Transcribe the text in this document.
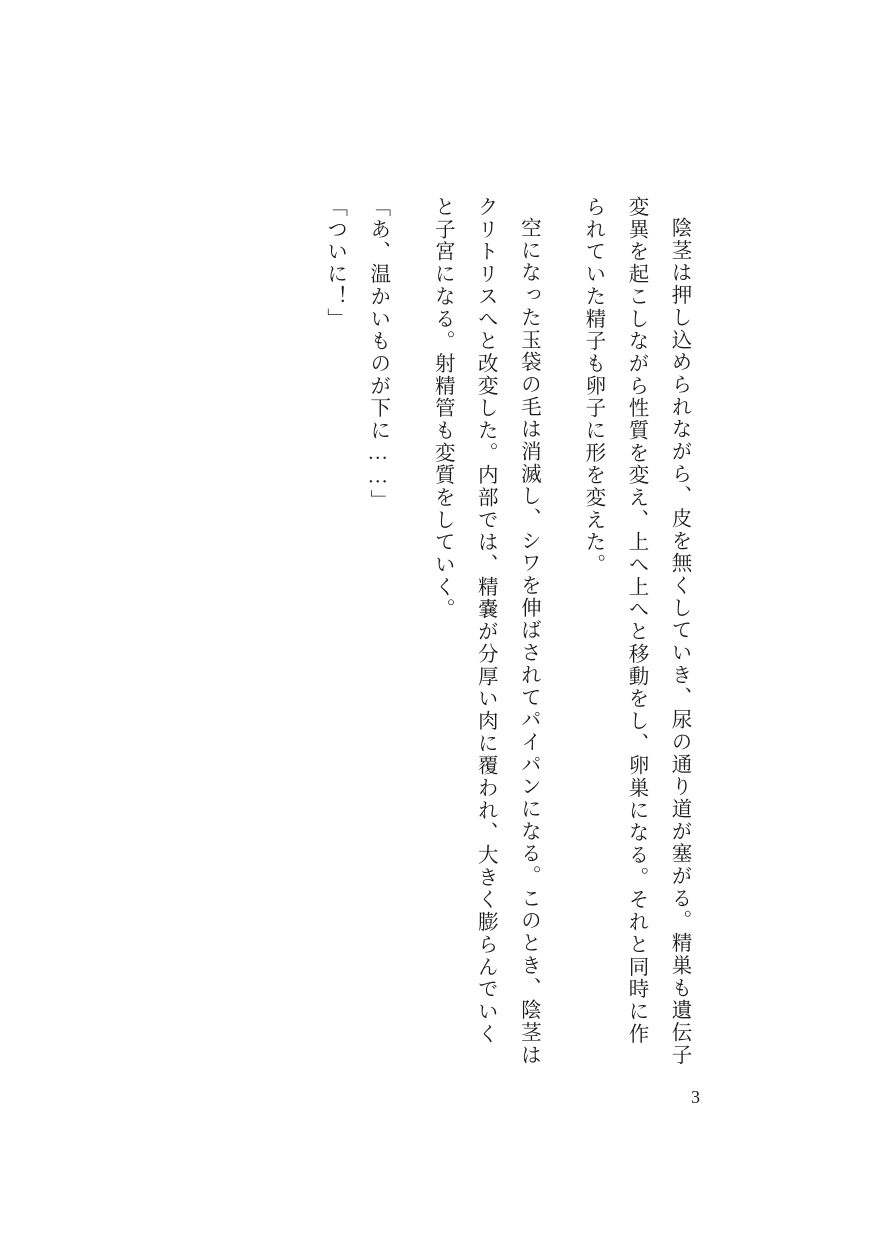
陰茎は押し込められながら、皮を無くしていき、尿の通り道が塞がる。精巣も遺伝子変異を起こしながら性質を変え、上へ上へと移動をし、卵巣になる。それと同時に作られていた精子も卵子に形を変えた。

空になった玉袋の毛は消滅し、シワを伸ばされてパイパンになる。このとき、陰茎はクリトリスへと改変した。内部では、精嚢が分厚い肉に覆われ、大きく膨らんでいくと子宮になる。射精管も変質をしていく。

「あ、温かいものが下に……」

「ついに！」

3
